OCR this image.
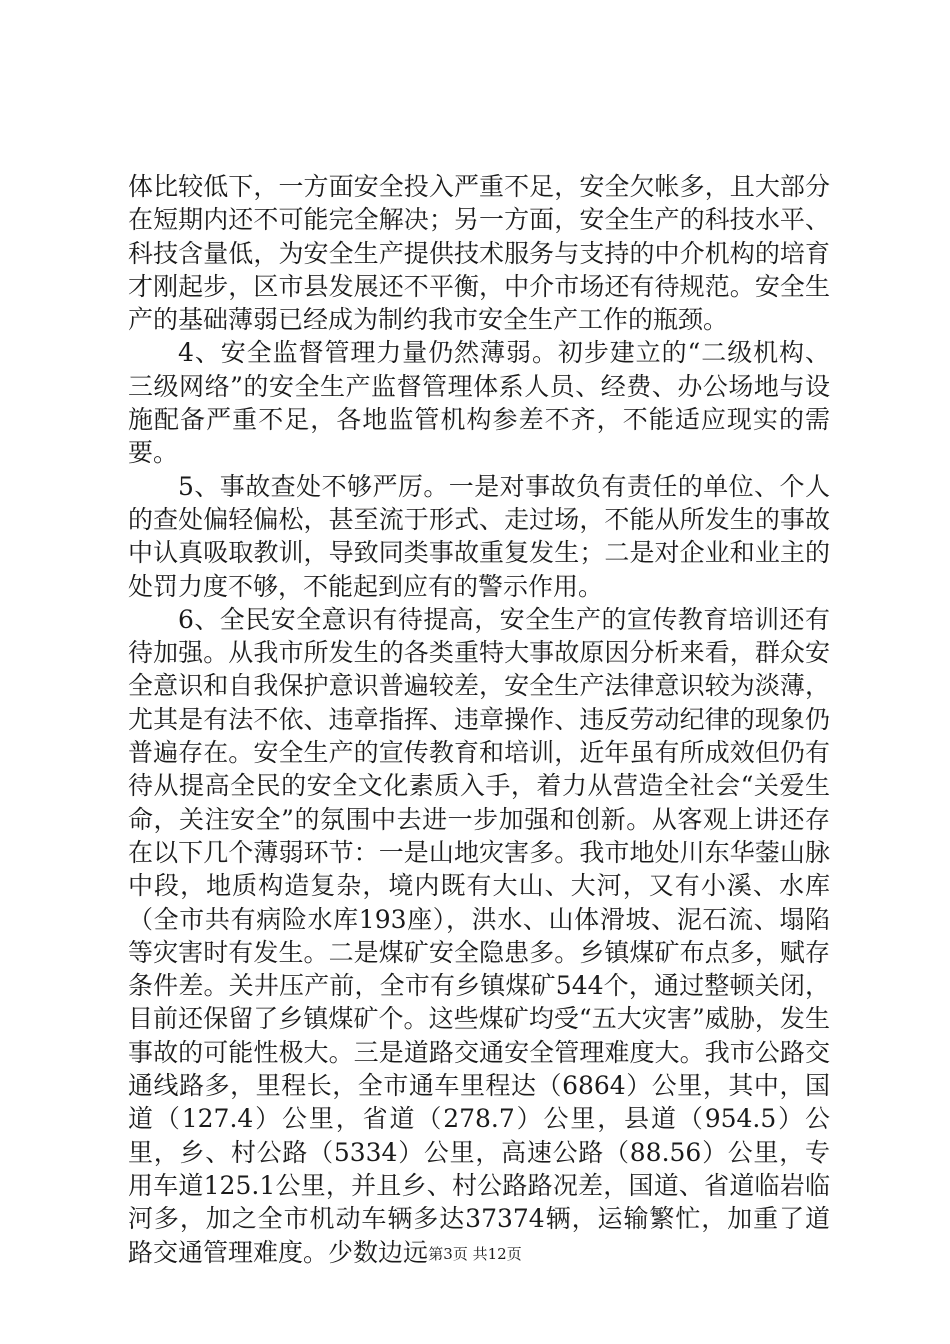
体比较低下，一方面安全投入严重不足，安全欠帐多，且大部分在短期内还不可能完全解决；另一方面，安全生产的科技水平、科技含量低，为安全生产提供技术服务与支持的中介机构的培育才刚起步，区市县发展还不平衡，中介市场还有待规范。安全生产的基础薄弱已经成为制约我市安全生产工作的瓶颈。

4、安全监督管理力量仍然薄弱。初步建立的“二级机构、三级网络”的安全生产监督管理体系人员、经费、办公场地与设施配备严重不足，各地监管机构参差不齐，不能适应现实的需要。

5、事故查处不够严厉。一是对事故负有责任的单位、个人的查处偏轻偏松，甚至流于形式、走过场，不能从所发生的事故中认真吸取教训，导致同类事故重复发生；二是对企业和业主的处罚力度不够，不能起到应有的警示作用。

6、全民安全意识有待提高，安全生产的宣传教育培训还有待加强。从我市所发生的各类重特大事故原因分析来看，群众安全意识和自我保护意识普遍较差，安全生产法律意识较为淡薄，尤其是有法不依、违章指挥、违章操作、违反劳动纪律的现象仍普遍存在。安全生产的宣传教育和培训，近年虽有所成效但仍有待从提高全民的安全文化素质入手，着力从营造全社会“关爱生命，关注安全”的氛围中去进一步加强和创新。从客观上讲还存在以下几个薄弱环节：一是山地灾害多。我市地处川东华蓥山脉中段，地质构造复杂，境内既有大山、大河，又有小溪、水库（全市共有病险水库193座），洪水、山体滑坡、泥石流、塌陷等灾害时有发生。二是煤矿安全隐患多。乡镇煤矿布点多，赋存条件差。关井压产前，全市有乡镇煤矿544个，通过整顿关闭，目前还保留了乡镇煤矿个。这些煤矿均受“五大灾害”威胁，发生事故的可能性极大。三是道路交通安全管理难度大。我市公路交通线路多，里程长，全市通车里程达（6864）公里，其中，国道（127.4）公里，省道（278.7）公里，县道（954.5）公里，乡、村公路（5334）公里，高速公路（88.56）公里，专用车道125.1公里，并且乡、村公路路况差，国道、省道临岩临河多，加之全市机动车辆多达37374辆，运输繁忙，加重了道路交通管理难度。少数边远 第3页 共12页
